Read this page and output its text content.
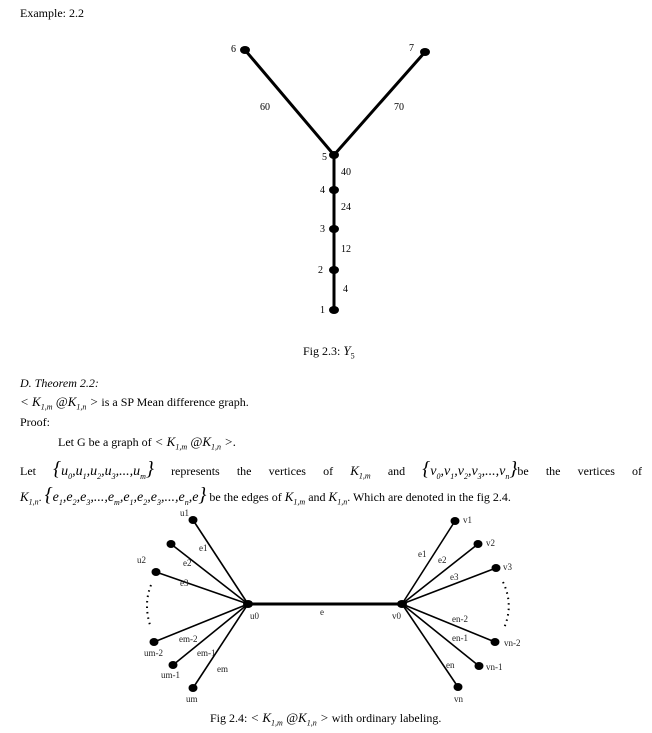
Example: 2.2
6	7
5
4
3
2
1
60	70
40
24
12
4
Fig 2.3: $Y_5$
D. Theorem 2.2:
< $K_{1,m}$ $@K_{1,n}$ > is a SP Mean difference graph.
Proof:
Let G be a graph of < $K_{1,m}$ $@K_{1,n}$ >.
Let $\{u_0,u_1,u_2,u_3,...,u_m\}$ represents the vertices of $K_{1,m}$ and $\{v_0,v_1,v_2,v_3,...,v_n\}be$ the vertices of
$K_{1,n}$. $\{e_1,e_2,e_3,...,e_m,e_1,e_2,e_3,...,e_n,e\}$ be the edges of $K_{1,m}$ and $K_{1,n}$. Which are denoted in the fig 2.4.
u1
u2
um-2
um-1
um
v1
v2
v3
vn-2
vn-1
vn
e1
e2
e3
em-2
em-1
em
e1
e2
e3
en-2
en-1
en
u0	v0
e
Fig 2.4: < $K_{1,m}$ $@K_{1,n}$ > with ordinary labeling.
